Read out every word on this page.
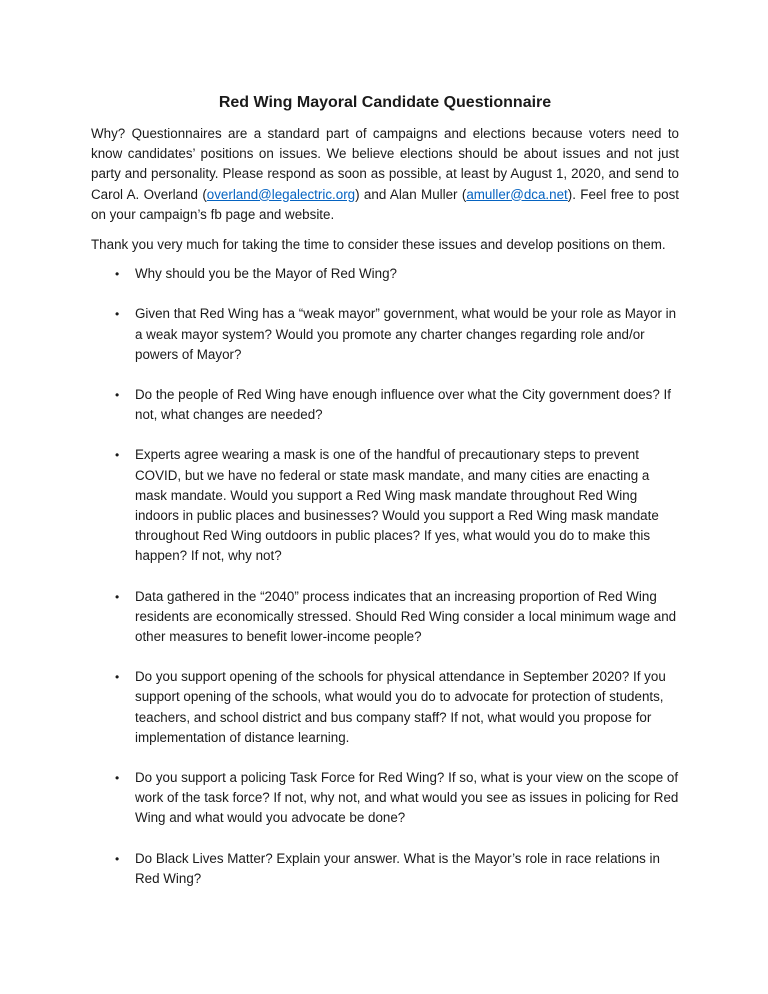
Red Wing Mayoral Candidate Questionnaire

Why? Questionnaires are a standard part of campaigns and elections because voters need to know candidates’ positions on issues. We believe elections should be about issues and not just party and personality. Please respond as soon as possible, at least by August 1, 2020, and send to Carol A. Overland (overland@legalectric.org) and Alan Muller (amuller@dca.net). Feel free to post on your campaign’s fb page and website.

Thank you very much for taking the time to consider these issues and develop positions on them.

• Why should you be the Mayor of Red Wing?
• Given that Red Wing has a “weak mayor” government, what would be your role as Mayor in a weak mayor system? Would you promote any charter changes regarding role and/or powers of Mayor?
• Do the people of Red Wing have enough influence over what the City government does? If not, what changes are needed?
• Experts agree wearing a mask is one of the handful of precautionary steps to prevent COVID, but we have no federal or state mask mandate, and many cities are enacting a mask mandate. Would you support a Red Wing mask mandate throughout Red Wing indoors in public places and businesses? Would you support a Red Wing mask mandate throughout Red Wing outdoors in public places? If yes, what would you do to make this happen? If not, why not?
• Data gathered in the “2040” process indicates that an increasing proportion of Red Wing residents are economically stressed. Should Red Wing consider a local minimum wage and other measures to benefit lower-income people?
• Do you support opening of the schools for physical attendance in September 2020? If you support opening of the schools, what would you do to advocate for protection of students, teachers, and school district and bus company staff? If not, what would you propose for implementation of distance learning.
• Do you support a policing Task Force for Red Wing? If so, what is your view on the scope of work of the task force? If not, why not, and what would you see as issues in policing for Red Wing and what would you advocate be done?
• Do Black Lives Matter? Explain your answer. What is the Mayor’s role in race relations in Red Wing?
